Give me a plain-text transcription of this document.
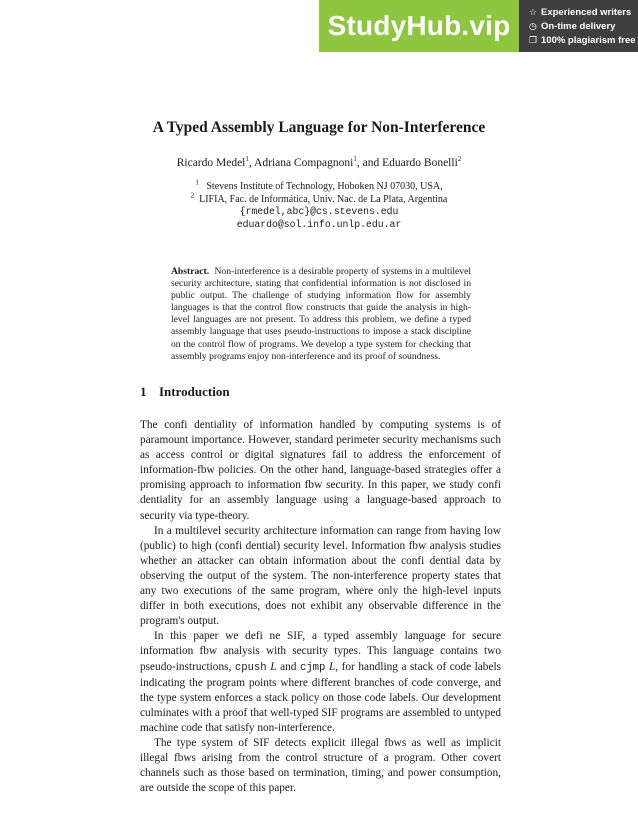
StudyHub.vip	☆ Experienced writers
◷ On-time delivery
❐ 100% plagiarism free
A Typed Assembly Language for Non-Interference
Ricardo Medel$^1$, Adriana Compagnoni$^1$, and Eduardo Bonelli$^2$
$^1$ Stevens Institute of Technology, Hoboken NJ 07030, USA,
$^2$ LIFIA, Fac. de Informática, Univ. Nac. de La Plata, Argentina
{rmedel,abc}@cs.stevens.edu
eduardo@sol.info.unlp.edu.ar
Abstract. Non-interference is a desirable property of systems in a multilevel security architecture, stating that confidential information is not disclosed in public output. The challenge of studying information flow for assembly languages is that the control flow constructs that guide the analysis in high-level languages are not present. To address this problem, we define a typed assembly language that uses pseudo-instructions to impose a stack discipline on the control flow of programs. We develop a type system for checking that assembly programs enjoy non-interference and its proof of soundness.
1 Introduction

The confi dentiality of information handled by computing systems is of paramount importance. However, standard perimeter security mechanisms such as access control or digital signatures fail to address the enforcement of information-fbw policies. On the other hand, language-based strategies offer a promising approach to information fbw security. In this paper, we study confi dentiality for an assembly language using a language-based approach to security via type-theory.

In a multilevel security architecture information can range from having low (public) to high (confi dential) security level. Information fbw analysis studies whether an attacker can obtain information about the confi dential data by observing the output of the system. The non-interference property states that any two executions of the same program, where only the high-level inputs differ in both executions, does not exhibit any observable difference in the program's output.

In this paper we defi ne SIF, a typed assembly language for secure information fbw analysis with security types. This language contains two pseudo-instructions, cpush L and cjmp L, for handling a stack of code labels indicating the program points where different branches of code converge, and the type system enforces a stack policy on those code labels. Our development culminates with a proof that well-typed SIF programs are assembled to untyped machine code that satisfy non-interference.

The type system of SIF detects explicit illegal fbws as well as implicit illegal fbws arising from the control structure of a program. Other covert channels such as those based on termination, timing, and power consumption, are outside the scope of this paper.
